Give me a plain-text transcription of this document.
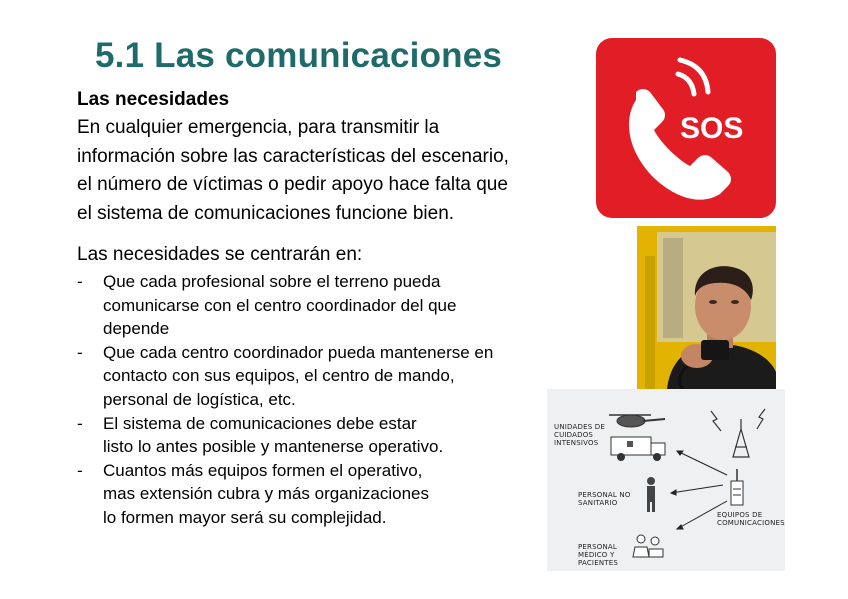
5.1 Las comunicaciones
Las necesidades
En cualquier emergencia, para transmitir la
información sobre las características del escenario,
el número de víctimas o pedir apoyo hace falta que
el sistema de comunicaciones funcione bien.
Las necesidades se centrarán en:
- Que cada profesional sobre el terreno pueda
comunicarse con el centro coordinador del que
depende
- Que cada centro coordinador pueda mantenerse en
contacto con sus equipos, el centro de mando,
personal de logística, etc.
- El sistema de comunicaciones debe estar
listo lo antes posible y mantenerse operativo.
- Cuantos más equipos formen el operativo,
mas extensión cubra y más organizaciones
lo formen mayor será su complejidad.
SOS
UNIDADES DE
CUIDADOS
INTENSIVOS
PERSONAL NO
SANITARIO
PERSONAL
MÉDICO Y
PACIENTES
EQUIPOS DE
COMUNICACIONES
